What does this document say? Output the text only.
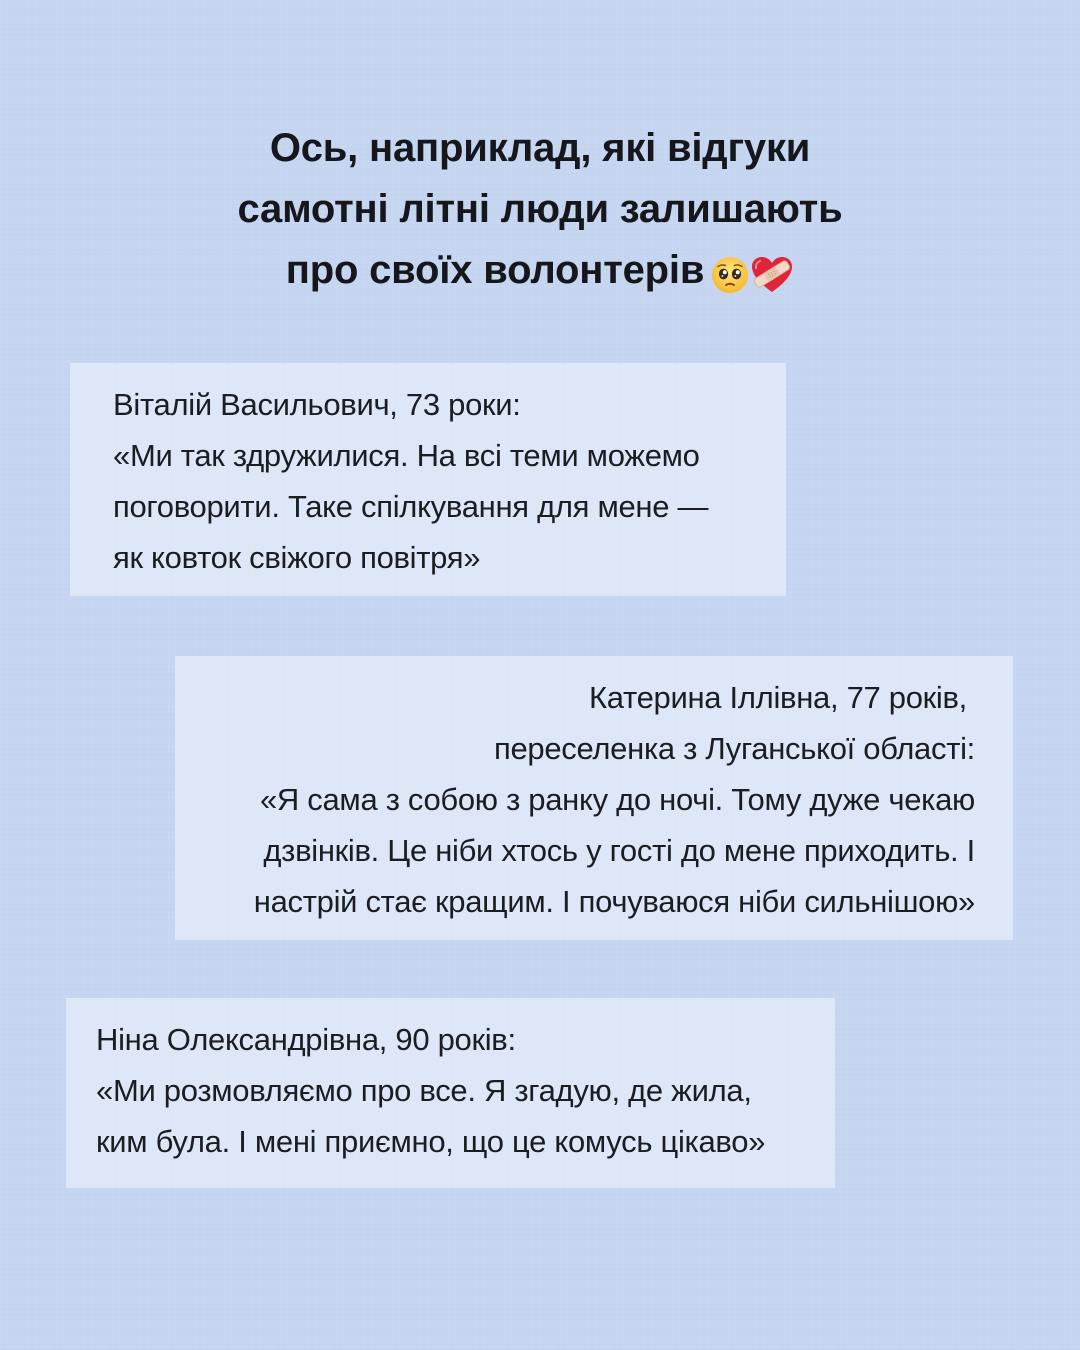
Ось, наприклад, які відгуки
самотні літні люди залишають
про своїх волонтерів

Віталій Васильович, 73 роки:

«Ми так здружилися. На всі теми можемо

поговорити. Таке спілкування для мене —

як ковток свіжого повітря»

Катерина Іллівна, 77 років,

переселенка з Луганської області:

«Я сама з собою з ранку до ночі. Тому дуже чекаю

дзвінків. Це ніби хтось у гості до мене приходить. І

настрій стає кращим. І почуваюся ніби сильнішою»

Ніна Олександрівна, 90 років:

«Ми розмовляємо про все. Я згадую, де жила,

ким була. І мені приємно, що це комусь цікаво»
